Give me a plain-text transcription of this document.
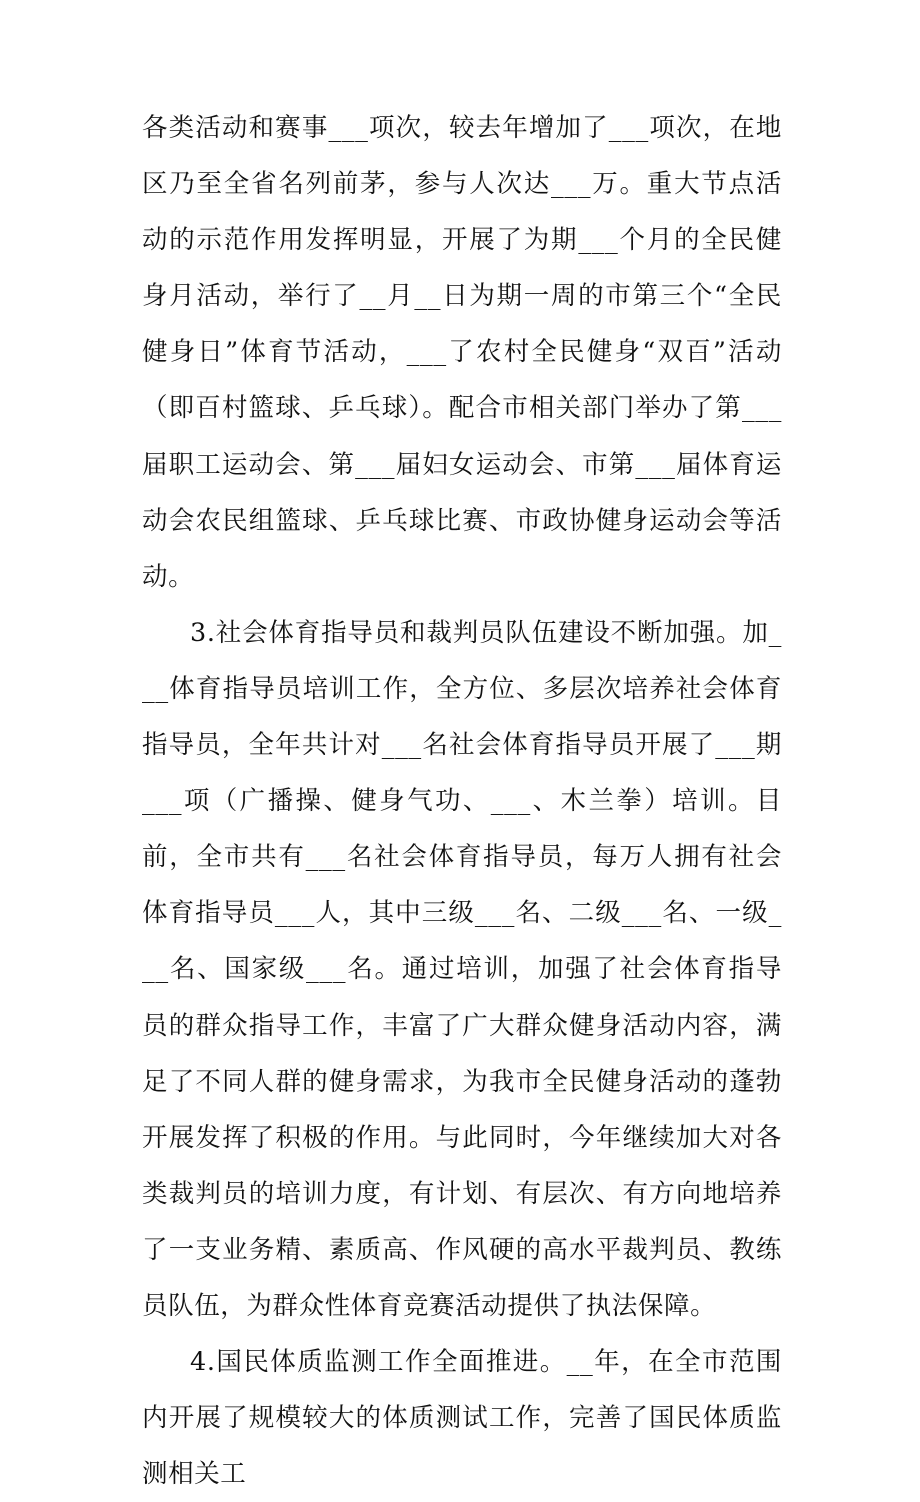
各类活动和赛事___项次，较去年增加了___项次，在地区乃至全省名列前茅，参与人次达___万。重大节点活动的示范作用发挥明显，开展了为期___个月的全民健身月活动，举行了__月__日为期一周的市第三个“全民健身日”体育节活动，___了农村全民健身“双百”活动（即百村篮球、乒乓球）。配合市相关部门举办了第___届职工运动会、第___届妇女运动会、市第___届体育运动会农民组篮球、乒乓球比赛、市政协健身运动会等活动。

3.社会体育指导员和裁判员队伍建设不断加强。加___体育指导员培训工作，全方位、多层次培养社会体育指导员，全年共计对___名社会体育指导员开展了___期___项（广播操、健身气功、___、木兰拳）培训。目前，全市共有___名社会体育指导员，每万人拥有社会体育指导员___人，其中三级___名、二级___名、一级___名、国家级___名。通过培训，加强了社会体育指导员的群众指导工作，丰富了广大群众健身活动内容，满足了不同人群的健身需求，为我市全民健身活动的蓬勃开展发挥了积极的作用。与此同时，今年继续加大对各类裁判员的培训力度，有计划、有层次、有方向地培养了一支业务精、素质高、作风硬的高水平裁判员、教练员队伍，为群众性体育竞赛活动提供了执法保障。

4.国民体质监测工作全面推进。__年，在全市范围内开展了规模较大的体质测试工作，完善了国民体质监测相关工
